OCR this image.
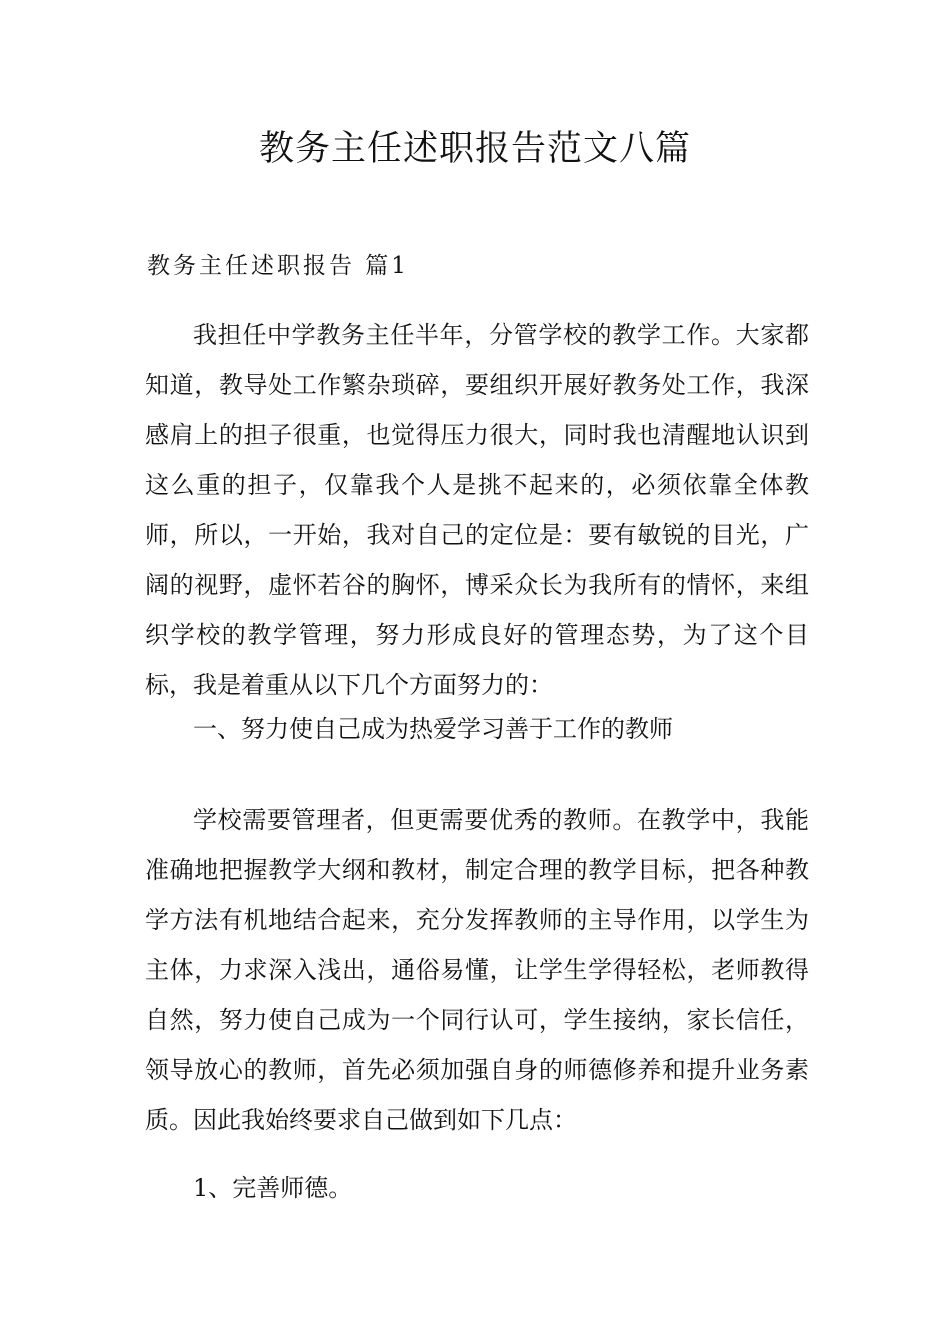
教务主任述职报告范文八篇
教务主任述职报告 篇1

我担任中学教务主任半年，分管学校的教学工作。大家都知道，教导处工作繁杂琐碎，要组织开展好教务处工作，我深感肩上的担子很重，也觉得压力很大，同时我也清醒地认识到这么重的担子，仅靠我个人是挑不起来的，必须依靠全体教师，所以，一开始，我对自己的定位是：要有敏锐的目光，广阔的视野，虚怀若谷的胸怀，博采众长为我所有的情怀，来组织学校的教学管理，努力形成良好的管理态势，为了这个目标，我是着重从以下几个方面努力的：

一、努力使自己成为热爱学习善于工作的教师

学校需要管理者，但更需要优秀的教师。在教学中，我能准确地把握教学大纲和教材，制定合理的教学目标，把各种教学方法有机地结合起来，充分发挥教师的主导作用，以学生为主体，力求深入浅出，通俗易懂，让学生学得轻松，老师教得自然，努力使自己成为一个同行认可，学生接纳，家长信任，领导放心的教师，首先必须加强自身的师德修养和提升业务素质。因此我始终要求自己做到如下几点：

1、完善师德。
